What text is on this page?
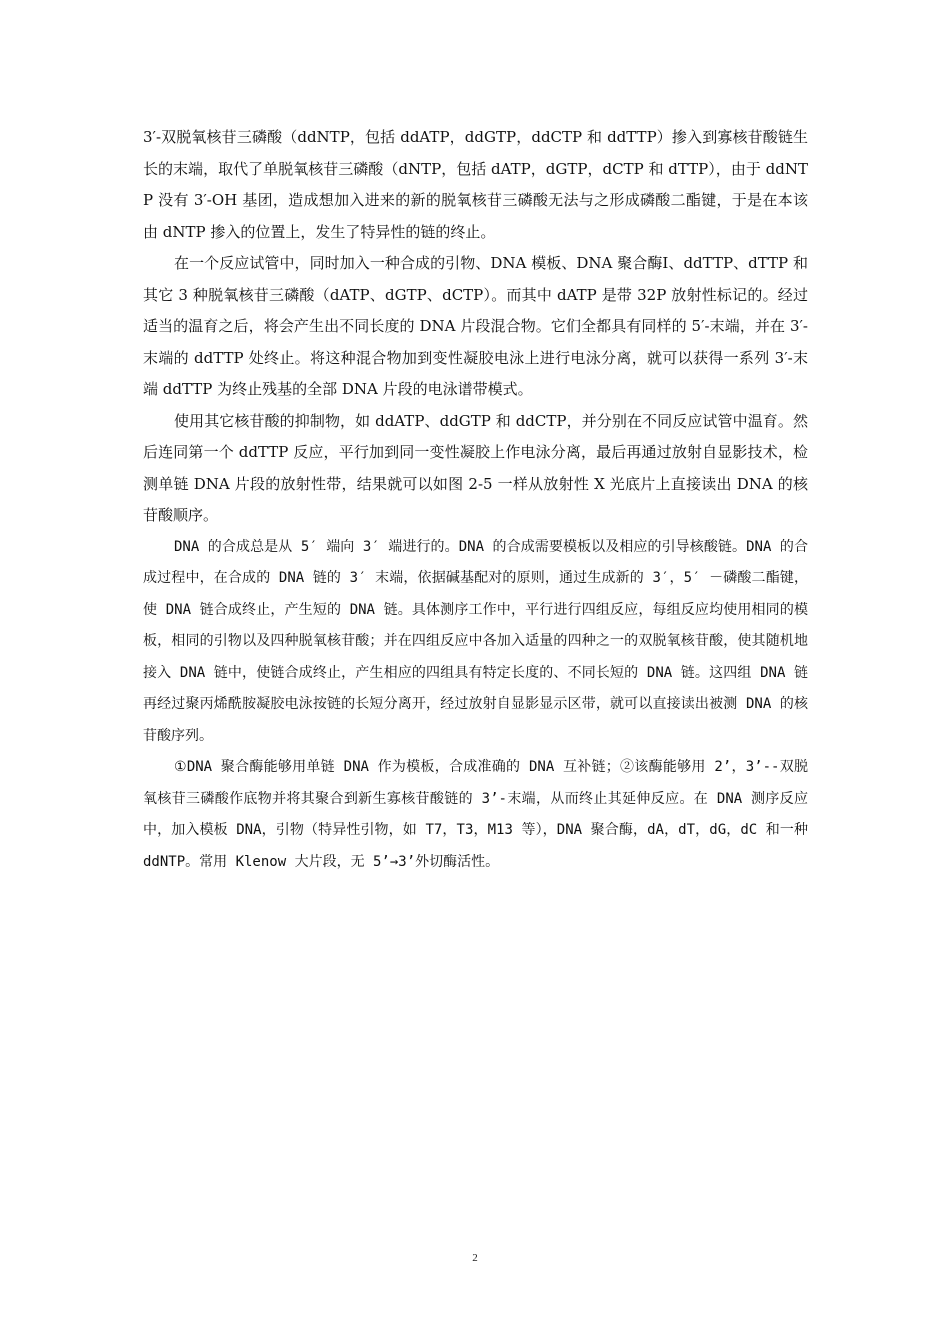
3′-双脱氧核苷三磷酸（ddNTP，包括 ddATP，ddGTP，ddCTP 和 ddTTP）掺入到寡核苷酸链生长的末端，取代了单脱氧核苷三磷酸（dNTP，包括 dATP，dGTP，dCTP 和 dTTP），由于 ddNTP 没有 3′-OH 基团，造成想加入进来的新的脱氧核苷三磷酸无法与之形成磷酸二酯键，于是在本该由 dNTP 掺入的位置上，发生了特异性的链的终止。

在一个反应试管中，同时加入一种合成的引物、DNA 模板、DNA 聚合酶Ⅰ、ddTTP、dTTP 和其它 3 种脱氧核苷三磷酸（dATP、dGTP、dCTP）。而其中 dATP 是带 32P 放射性标记的。经过适当的温育之后，将会产生出不同长度的 DNA 片段混合物。它们全都具有同样的 5′-末端，并在 3′-末端的 ddTTP 处终止。将这种混合物加到变性凝胶电泳上进行电泳分离，就可以获得一系列 3′-末端 ddTTP 为终止残基的全部 DNA 片段的电泳谱带模式。

使用其它核苷酸的抑制物，如 ddATP、ddGTP 和 ddCTP，并分别在不同反应试管中温育。然后连同第一个 ddTTP 反应，平行加到同一变性凝胶上作电泳分离，最后再通过放射自显影技术，检测单链 DNA 片段的放射性带，结果就可以如图 2-5 一样从放射性 X 光底片上直接读出 DNA 的核苷酸顺序。

DNA 的合成总是从 5′ 端向 3′ 端进行的。DNA 的合成需要模板以及相应的引导核酸链。DNA 的合成过程中，在合成的 DNA 链的 3′ 末端，依据碱基配对的原则，通过生成新的 3′，5′ －磷酸二酯键，使 DNA 链合成终止，产生短的 DNA 链。具体测序工作中，平行进行四组反应，每组反应均使用相同的模板，相同的引物以及四种脱氧核苷酸；并在四组反应中各加入适量的四种之一的双脱氧核苷酸，使其随机地接入 DNA 链中，使链合成终止，产生相应的四组具有特定长度的、不同长短的 DNA 链。这四组 DNA 链再经过聚丙烯酰胺凝胶电泳按链的长短分离开，经过放射自显影显示区带，就可以直接读出被测 DNA 的核苷酸序列。

①DNA 聚合酶能够用单链 DNA 作为模板，合成准确的 DNA 互补链；②该酶能够用 2’，3’--双脱氧核苷三磷酸作底物并将其聚合到新生寡核苷酸链的 3’-末端，从而终止其延伸反应。在 DNA 测序反应中，加入模板 DNA，引物（特异性引物，如 T7，T3，M13 等），DNA 聚合酶，dA，dT，dG，dC 和一种 ddNTP。常用 Klenow 大片段，无 5’→3’外切酶活性。

2
